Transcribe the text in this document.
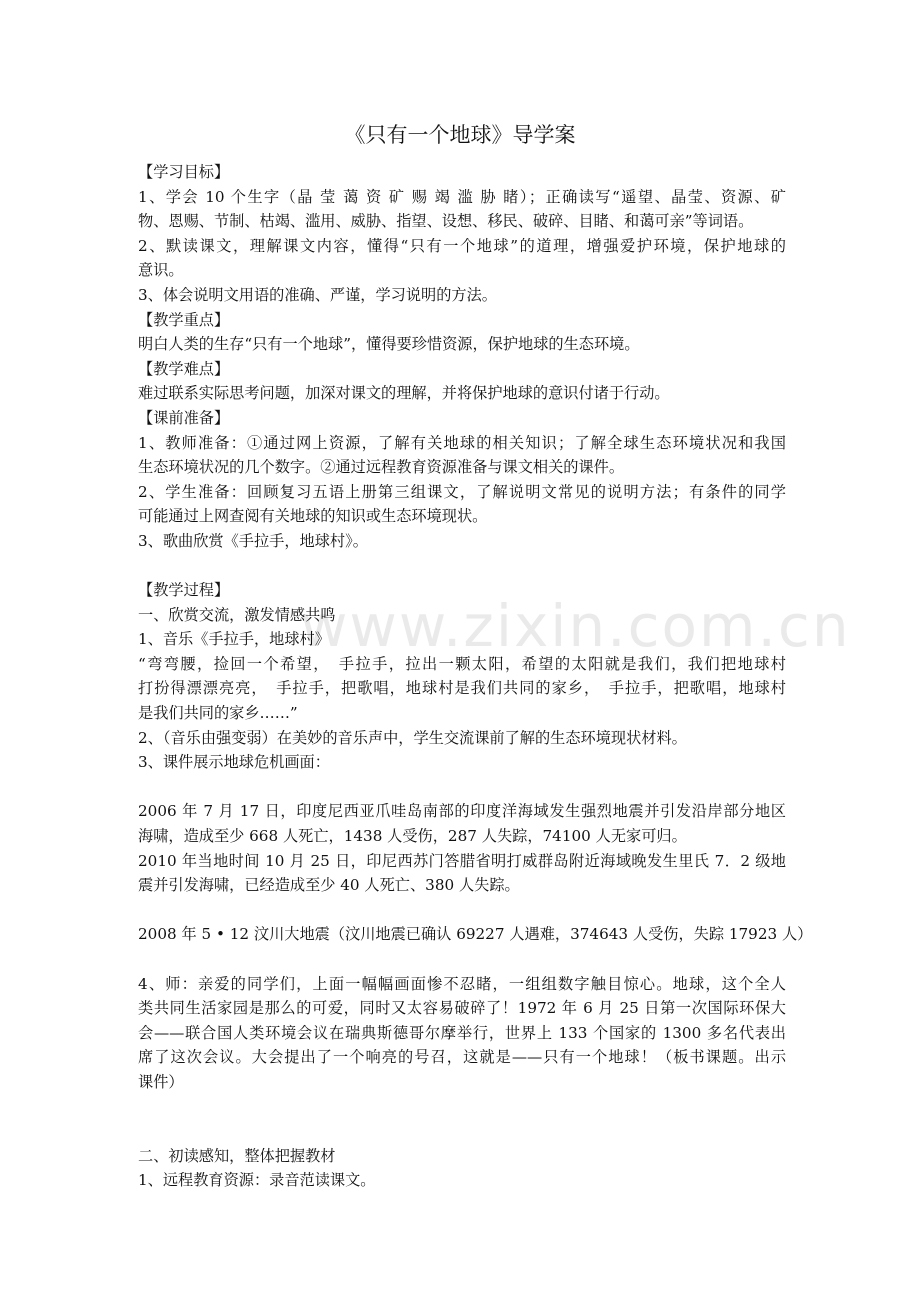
《只有一个地球》导学案
www.zixin.com.cn
【学习目标】
1、学会 10 个生字（晶 莹 蔼 资 矿 赐 竭 滥 胁 睹）；正确读写“遥望、晶莹、资源、矿
物、恩赐、节制、枯竭、滥用、威胁、指望、设想、移民、破碎、目睹、和蔼可亲”等词语。
2、默读课文，理解课文内容，懂得“只有一个地球”的道理，增强爱护环境，保护地球的
意识。
3、体会说明文用语的准确、严谨，学习说明的方法。
【教学重点】
明白人类的生存“只有一个地球”，懂得要珍惜资源，保护地球的生态环境。
【教学难点】
难过联系实际思考问题，加深对课文的理解，并将保护地球的意识付诸于行动。
【课前准备】
1、教师准备：①通过网上资源，了解有关地球的相关知识；了解全球生态环境状况和我国
生态环境状况的几个数字。②通过远程教育资源准备与课文相关的课件。
2、学生准备：回顾复习五语上册第三组课文，了解说明文常见的说明方法；有条件的同学
可能通过上网查阅有关地球的知识或生态环境现状。
3、歌曲欣赏《手拉手，地球村》。
【教学过程】
一、欣赏交流，激发情感共鸣
1、音乐《手拉手，地球村》
“弯弯腰，捡回一个希望，　手拉手，拉出一颗太阳，希望的太阳就是我们，我们把地球村
打扮得漂漂亮亮，　手拉手，把歌唱，地球村是我们共同的家乡，　手拉手，把歌唱，地球村
是我们共同的家乡……”
2、（音乐由强变弱）在美妙的音乐声中，学生交流课前了解的生态环境现状材料。
3、课件展示地球危机画面：
2006 年 7 月 17 日，印度尼西亚爪哇岛南部的印度洋海域发生强烈地震并引发沿岸部分地区
海啸，造成至少 668 人死亡，1438 人受伤，287 人失踪，74100 人无家可归。
2010 年当地时间 10 月 25 日，印尼西苏门答腊省明打威群岛附近海域晚发生里氏 7．2 级地
震并引发海啸，已经造成至少 40 人死亡、380 人失踪。
2008 年 5 • 12 汶川大地震（汶川地震已确认 69227 人遇难，374643 人受伤，失踪 17923 人）
4、师：亲爱的同学们，上面一幅幅画面惨不忍睹，一组组数字触目惊心。地球，这个全人
类共同生活家园是那么的可爱，同时又太容易破碎了！1972 年 6 月 25 日第一次国际环保大
会——联合国人类环境会议在瑞典斯德哥尔摩举行，世界上 133 个国家的 1300 多名代表出
席了这次会议。大会提出了一个响亮的号召，这就是——只有一个地球！（板书课题。出示
课件）
二、初读感知，整体把握教材
1、远程教育资源：录音范读课文。
